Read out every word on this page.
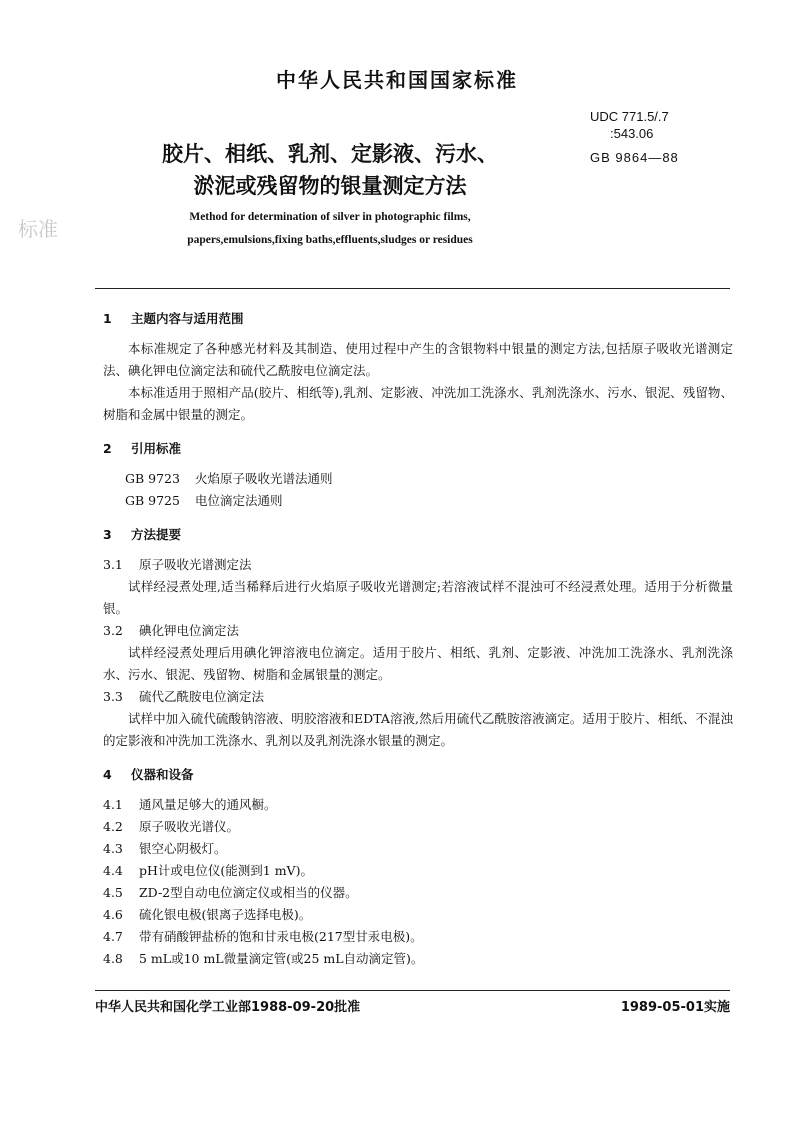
中华人民共和国国家标准
UDC 771.5/.7
:543.06
GB 9864—88
胶片、相纸、乳剂、定影液、污水、
淤泥或残留物的银量测定方法
Method for determination of silver in photographic films,
papers,emulsions,fixing baths,effluents,sludges or residues
标准
1 主题内容与适用范围

本标准规定了各种感光材料及其制造、使用过程中产生的含银物料中银量的测定方法,包括原子吸收光谱测定法、碘化钾电位滴定法和硫代乙酰胺电位滴定法。

本标准适用于照相产品(胶片、相纸等),乳剂、定影液、冲洗加工洗涤水、乳剂洗涤水、污水、银泥、残留物、树脂和金属中银量的测定。

2 引用标准

GB 9723 火焰原子吸收光谱法通则

GB 9725 电位滴定法通则

3 方法提要

3.1 原子吸收光谱测定法

试样经浸煮处理,适当稀释后进行火焰原子吸收光谱测定;若溶液试样不混浊可不经浸煮处理。适用于分析微量银。

3.2 碘化钾电位滴定法

试样经浸煮处理后用碘化钾溶液电位滴定。适用于胶片、相纸、乳剂、定影液、冲洗加工洗涤水、乳剂洗涤水、污水、银泥、残留物、树脂和金属银量的测定。

3.3 硫代乙酰胺电位滴定法

试样中加入硫代硫酸钠溶液、明胶溶液和EDTA溶液,然后用硫代乙酰胺溶液滴定。适用于胶片、相纸、不混浊的定影液和冲洗加工洗涤水、乳剂以及乳剂洗涤水银量的测定。

4 仪器和设备

4.1 通风量足够大的通风橱。

4.2 原子吸收光谱仪。

4.3 银空心阴极灯。

4.4 pH计或电位仪(能测到1 mV)。

4.5 ZD-2型自动电位滴定仪或相当的仪器。

4.6 硫化银电极(银离子选择电极)。

4.7 带有硝酸钾盐桥的饱和甘汞电极(217型甘汞电极)。

4.8 5 mL或10 mL微量滴定管(或25 mL自动滴定管)。

中华人民共和国化学工业部1988-09-20批准	1989-05-01实施
